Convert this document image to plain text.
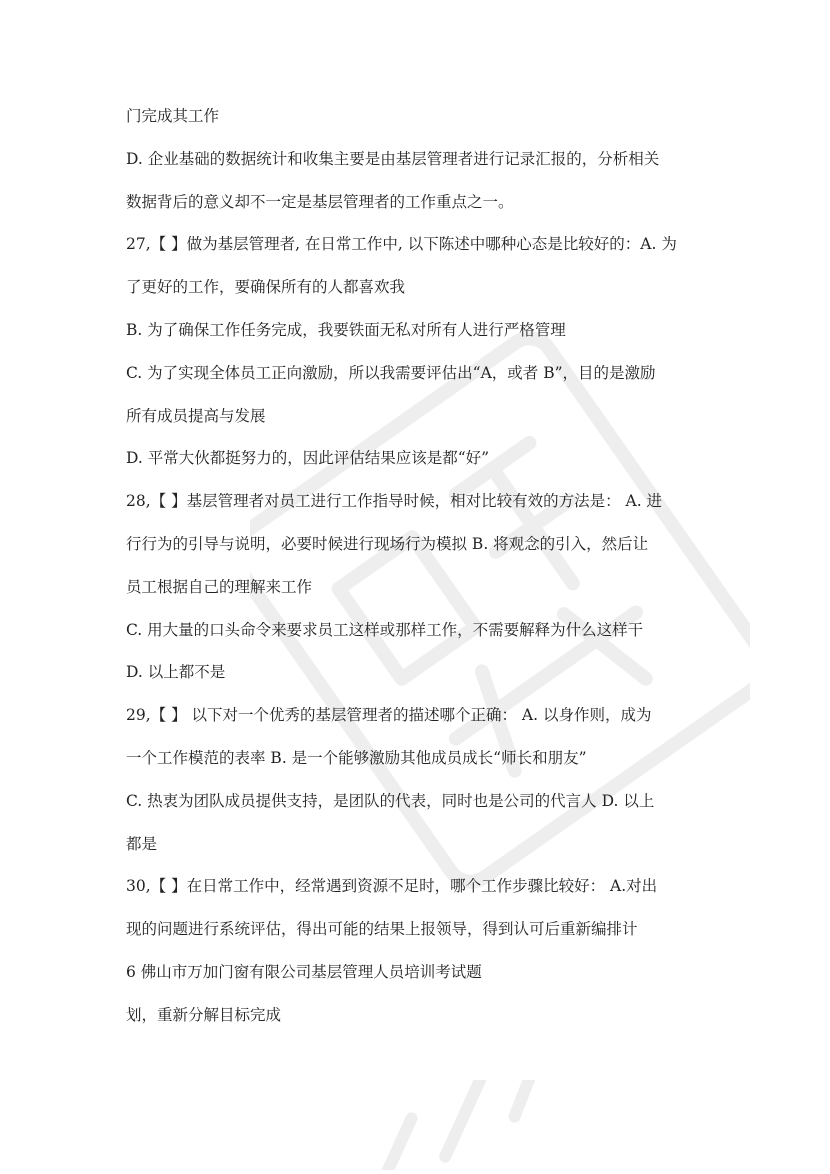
门完成其工作
D. 企业基础的数据统计和收集主要是由基层管理者进行记录汇报的，分析相关
数据背后的意义却不一定是基层管理者的工作重点之一。
27,【 】做为基层管理者, 在日常工作中, 以下陈述中哪种心态是比较好的：A. 为
了更好的工作，要确保所有的人都喜欢我
B. 为了确保工作任务完成，我要铁面无私对所有人进行严格管理
C. 为了实现全体员工正向激励，所以我需要评估出“A，或者 B”，目的是激励
所有成员提高与发展
D. 平常大伙都挺努力的，因此评估结果应该是都“好”
28,【 】基层管理者对员工进行工作指导时候，相对比较有效的方法是： A. 进
行行为的引导与说明，必要时候进行现场行为模拟 B. 将观念的引入，然后让
员工根据自己的理解来工作
C. 用大量的口头命令来要求员工这样或那样工作，不需要解释为什么这样干
D. 以上都不是
29,【 】 以下对一个优秀的基层管理者的描述哪个正确： A. 以身作则，成为
一个工作模范的表率 B. 是一个能够激励其他成员成长“师长和朋友”
C. 热衷为团队成员提供支持，是团队的代表，同时也是公司的代言人 D. 以上
都是
30,【 】在日常工作中，经常遇到资源不足时，哪个工作步骤比较好： A.对出
现的问题进行系统评估，得出可能的结果上报领导，得到认可后重新编排计
6 佛山市万加门窗有限公司基层管理人员培训考试题
划，重新分解目标完成
